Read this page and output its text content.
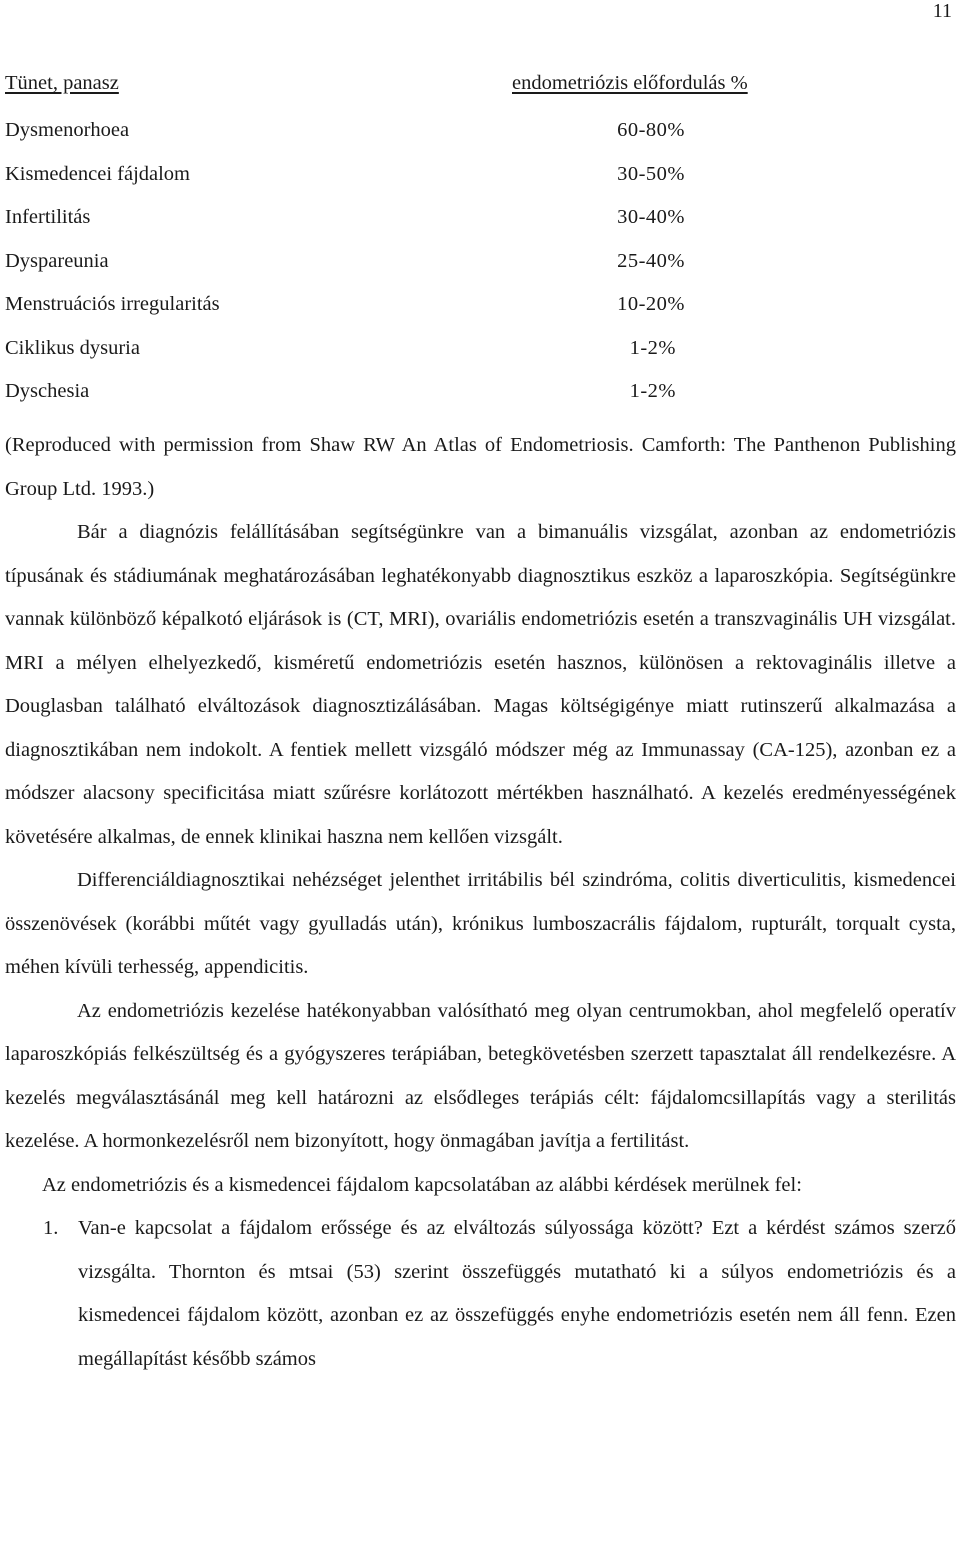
11
Tünet, panasz	endometriózis előfordulás %
Dysmenorhoea	60-80%
Kismedencei fájdalom	30-50%
Infertilitás	30-40%
Dyspareunia	25-40%
Menstruációs irregularitás	10-20%
Ciklikus dysuria	1-2%
Dyschesia	1-2%

(Reproduced with permission from Shaw RW An Atlas of Endometriosis. Camforth: The Panthenon Publishing Group Ltd. 1993.)

Bár a diagnózis felállításában segítségünkre van a bimanuális vizsgálat, azonban az endometriózis típusának és stádiumának meghatározásában leghatékonyabb diagnosztikus eszköz a laparoszkópia. Segítségünkre vannak különböző képalkotó eljárások is (CT, MRI), ovariális endometriózis esetén a transzvaginális UH vizsgálat. MRI a mélyen elhelyezkedő, kisméretű endometriózis esetén hasznos, különösen a rektovaginális illetve a Douglasban található elváltozások diagnosztizálásában. Magas költségigénye miatt rutinszerű alkalmazása a diagnosztikában nem indokolt. A fentiek mellett vizsgáló módszer még az Immunassay (CA-125), azonban ez a módszer alacsony specificitása miatt szűrésre korlátozott mértékben használható. A kezelés eredményességének követésére alkalmas, de ennek klinikai haszna nem kellően vizsgált.

Differenciáldiagnosztikai nehézséget jelenthet irritábilis bél szindróma, colitis diverticulitis, kismedencei összenövések (korábbi műtét vagy gyulladás után), krónikus lumboszacrális fájdalom, rupturált, torqualt cysta, méhen kívüli terhesség, appendicitis.

Az endometriózis kezelése hatékonyabban valósítható meg olyan centrumokban, ahol megfelelő operatív laparoszkópiás felkészültség és a gyógyszeres terápiában, betegkövetésben szerzett tapasztalat áll rendelkezésre. A kezelés megválasztásánál meg kell határozni az elsődleges terápiás célt: fájdalomcsillapítás vagy a sterilitás kezelése. A hormonkezelésről nem bizonyított, hogy önmagában javítja a fertilitást.

Az endometriózis és a kismedencei fájdalom kapcsolatában az alábbi kérdések merülnek fel:

1. Van-e kapcsolat a fájdalom erőssége és az elváltozás súlyossága között? Ezt a kérdést számos szerző vizsgálta. Thornton és mtsai (53) szerint összefüggés mutatható ki a súlyos endometriózis és a kismedencei fájdalom között, azonban ez az összefüggés enyhe endometriózis esetén nem áll fenn. Ezen megállapítást később számos
